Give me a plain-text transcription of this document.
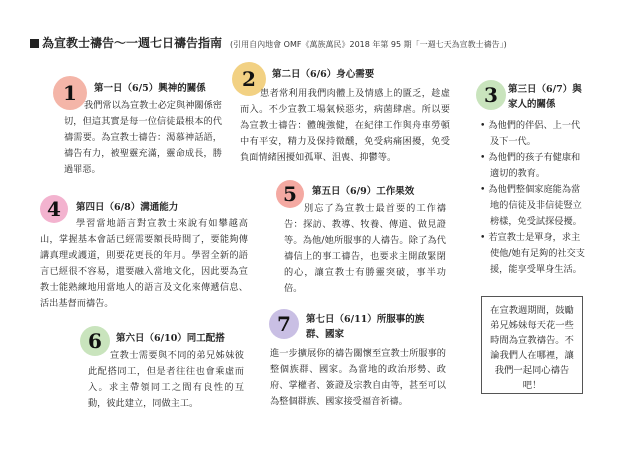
為宣教士禱告～一週七日禱告指南 (引用自內地會 OMF《萬族萬民》2018 年第 95 期「一週七天為宣教士禱告」)
1 第一日（6/5）興神的關係
我們常以為宣教士必定與神關係密切，但這其實是每一位信徒最根本的代禱需要。為宣教士禱告：渴慕神話語，禱告有力，被聖靈充滿，靈命成長，勝過罪惡。
2 第二日（6/6）身心需要
患者常利用我們肉體上及情感上的匱乏，趁虛而入。不少宣教工場氣候惡劣，病菌肆虐。所以要為宣教士禱告：體魄強健，在紀律工作與舟車勞頓中有平安，精力及保持微醺，免受病痛困擾，免受負面情緒困擾如孤單、沮喪、抑鬱等。
3 第三日（6/7）與家人的關係
• 為他們的伴侶、上一代及下一代。
• 為他們的孩子有健康和適切的教育。
• 為他們整個家庭能為當地的信徒及非信徒豎立榜樣，免受試探侵擾。
• 若宣教士是單身，求主使他/她有足夠的社交支援，能享受單身生活。
4 第四日（6/8）溝通能力
學習當地語言對宣教士來說有如攀越高山，掌握基本會話已經需要額長時間了，要能夠傳講真理或護道，則要花更長的年月。學習全新的語言已經很不容易，還要融入當地文化，因此要為宣教士能熟練地用當地人的語言及文化來傳遞信息、活出基督而禱告。
5 第五日（6/9）工作果效
別忘了為宣教士最首要的工作禱告：探訪、教導、牧養、傳道、做見證等。為他/她所服事的人禱告。除了為代禱信上的事工禱告，也要求主開啟緊閉的心，讓宣教士有勝靈突破，事半功倍。
6 第六日（6/10）同工配搭
宣教士需要與不同的弟兄姊妹彼此配搭同工，但是者往往也會乘虛而入。求主帶領同工之間有良性的互動，彼此建立，同做主工。
7 第七日（6/11）所服事的族群、國家
進一步擴展你的禱告關懷至宣教士所服事的整個族群、國家。為當地的政治形勢、政府、掌權者、簽證及宗教自由等，甚至可以為整個群族、國家接受福音祈禱。
在宣教週期間，鼓勵弟兄姊妹每天花一些時間為宣教禱告。不論我們人在哪裡，讓我們一起同心禱告吧！
